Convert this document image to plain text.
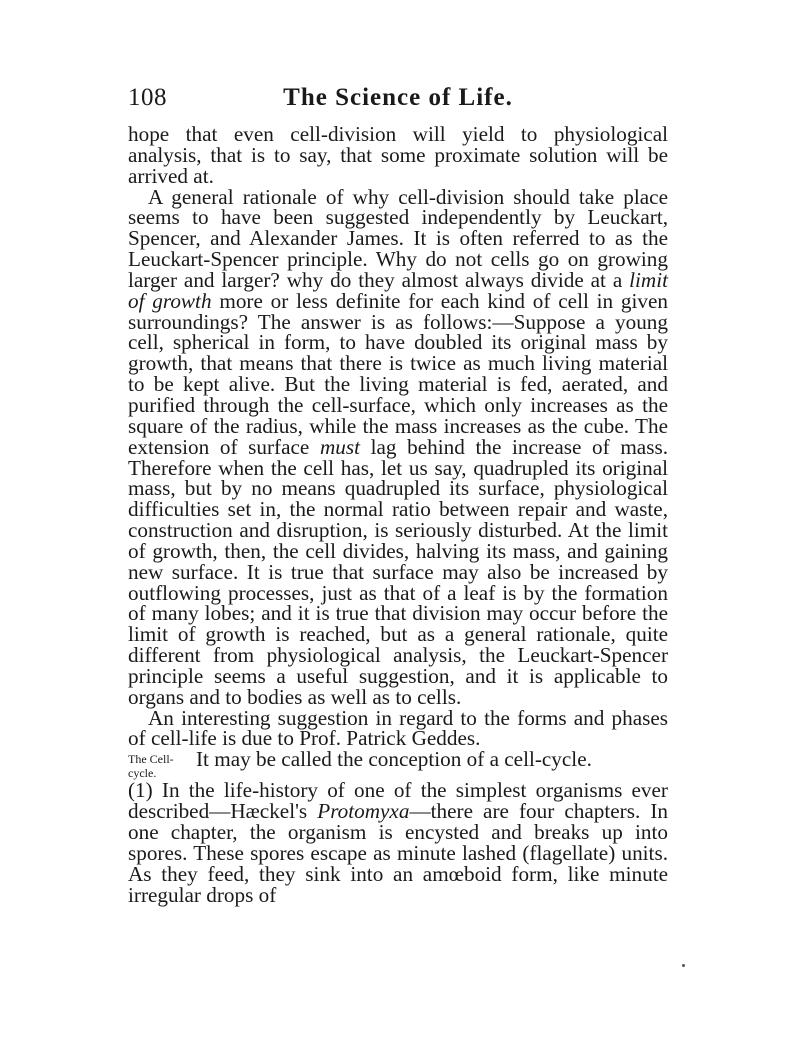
108	The Science of Life.

hope that even cell-division will yield to physiological analysis, that is to say, that some proximate solution will be arrived at.

A general rationale of why cell-division should take place seems to have been suggested independently by Leuckart, Spencer, and Alexander James. It is often referred to as the Leuckart-Spencer principle. Why do not cells go on growing larger and larger? why do they almost always divide at a limit of growth more or less definite for each kind of cell in given surroundings? The answer is as follows:—Suppose a young cell, spherical in form, to have doubled its original mass by growth, that means that there is twice as much living material to be kept alive. But the living material is fed, aerated, and purified through the cell-surface, which only increases as the square of the radius, while the mass increases as the cube. The extension of surface must lag behind the increase of mass. Therefore when the cell has, let us say, quadrupled its original mass, but by no means quadrupled its surface, physiological difficulties set in, the normal ratio between repair and waste, construction and disruption, is seriously disturbed. At the limit of growth, then, the cell divides, halving its mass, and gaining new surface. It is true that surface may also be increased by outflowing processes, just as that of a leaf is by the formation of many lobes; and it is true that division may occur before the limit of growth is reached, but as a general rationale, quite different from physiological analysis, the Leuckart-Spencer principle seems a useful suggestion, and it is applicable to organs and to bodies as well as to cells.

An interesting suggestion in regard to the forms and phases of cell-life is due to Prof. Patrick Geddes.

The Cell-cycle.
It may be called the conception of a cell-cycle.

(1) In the life-history of one of the simplest organisms ever described—Hæckel's Protomyxa—there are four chapters. In one chapter, the organism is encysted and breaks up into spores. These spores escape as minute lashed (flagellate) units. As they feed, they sink into an amœboid form, like minute irregular drops of
